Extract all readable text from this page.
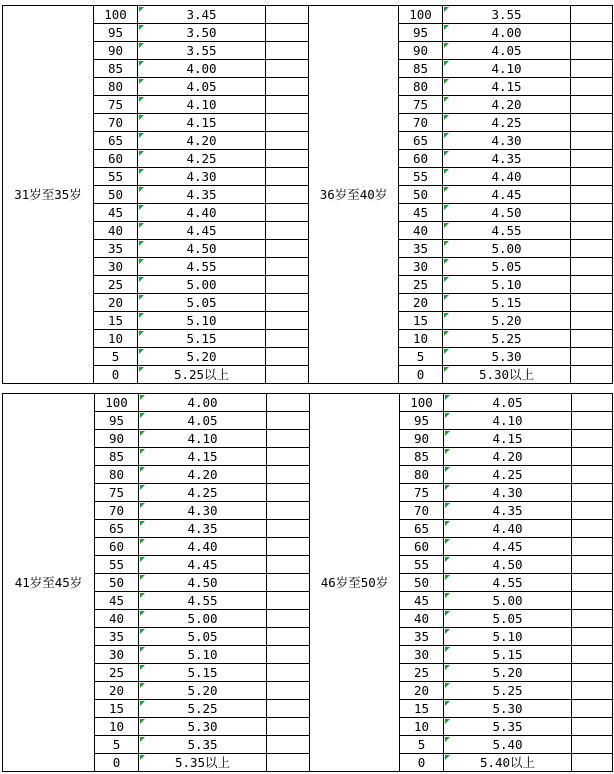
31岁至35岁	100	3.45		36岁至40岁	100	3.55	
	95	3.50			95	4.00	
	90	3.55			90	4.05	
	85	4.00			85	4.10	
	80	4.05			80	4.15	
	75	4.10			75	4.20	
	70	4.15			70	4.25	
	65	4.20			65	4.30	
	60	4.25			60	4.35	
	55	4.30			55	4.40	
	50	4.35			50	4.45	
	45	4.40			45	4.50	
	40	4.45			40	4.55	
	35	4.50			35	5.00	
	30	4.55			30	5.05	
	25	5.00			25	5.10	
	20	5.05			20	5.15	
	15	5.10			15	5.20	
	10	5.15			10	5.25	
	5	5.20			5	5.30	
	0	5.25以上			0	5.30以上	
41岁至45岁	100	4.00		46岁至50岁	100	4.05	
	95	4.05			95	4.10	
	90	4.10			90	4.15	
	85	4.15			85	4.20	
	80	4.20			80	4.25	
	75	4.25			75	4.30	
	70	4.30			70	4.35	
	65	4.35			65	4.40	
	60	4.40			60	4.45	
	55	4.45			55	4.50	
	50	4.50			50	4.55	
	45	4.55			45	5.00	
	40	5.00			40	5.05	
	35	5.05			35	5.10	
	30	5.10			30	5.15	
	25	5.15			25	5.20	
	20	5.20			20	5.25	
	15	5.25			15	5.30	
	10	5.30			10	5.35	
	5	5.35			5	5.40	
	0	5.35以上			0	5.40以上	
